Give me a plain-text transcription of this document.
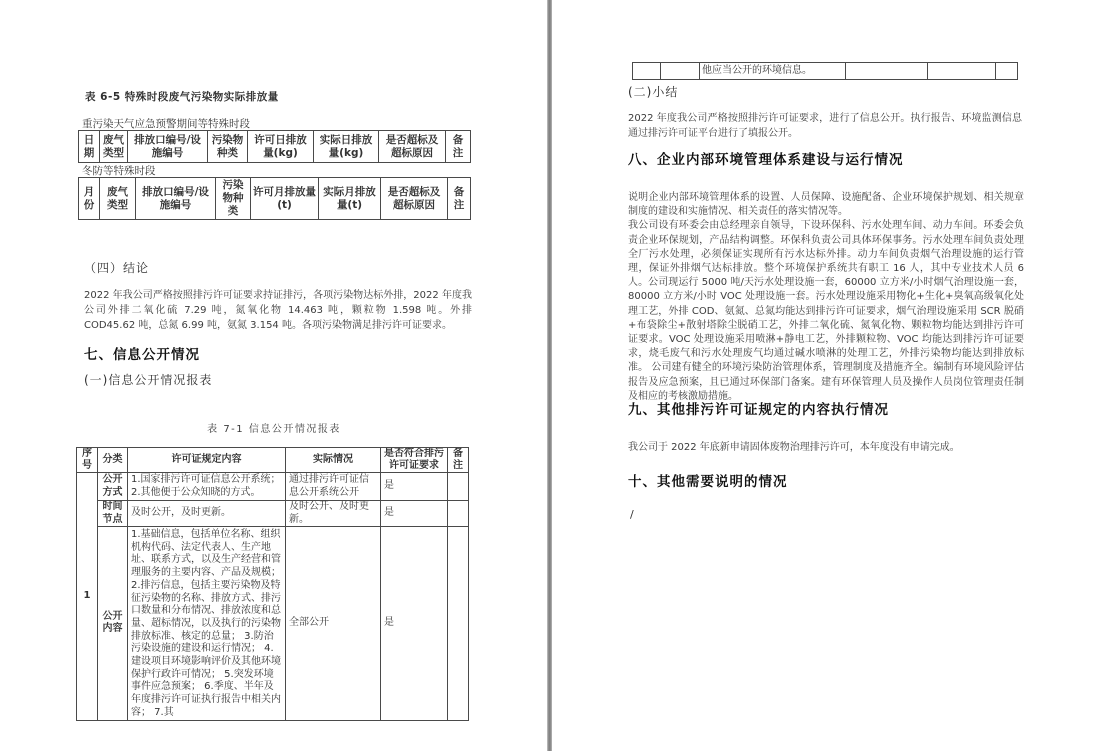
表 6-5 特殊时段废气污染物实际排放量
重污染天气应急预警期间等特殊时段
日期	废气类型	排放口编号/设施编号	污染物种类	许可日排放量(kg)	实际日排放量(kg)	是否超标及超标原因	备注
冬防等特殊时段
月份	废气类型	排放口编号/设施编号	污染物种类	许可月排放量(t)	实际月排放量(t)	是否超标及超标原因	备注
（四）结论
2022 年我公司严格按照排污许可证要求持证排污，各项污染物达标外排，2022 年度我公司外排二氧化硫 7.29 吨，氮氧化物 14.463 吨，颗粒物 1.598 吨。外排 COD45.62 吨，总氮 6.99 吨，氨氮 3.154 吨。各项污染物满足排污许可证要求。
七、信息公开情况
(一)信息公开情况报表
表 7-1 信息公开情况报表
序号	分类	许可证规定内容	实际情况	是否符合排污许可证要求	备注
1	公开方式	1.国家排污许可证信息公开系统；2.其他便于公众知晓的方式。	通过排污许可证信息公开系统公开	是	
	时间节点	及时公开，及时更新。	及时公开、及时更新。	是	
	公开内容	1.基础信息，包括单位名称、组织机构代码、法定代表人、生产地址、联系方式，以及生产经营和管理服务的主要内容、产品及规模；2.排污信息，包括主要污染物及特征污染物的名称、排放方式、排污口数量和分布情况、排放浓度和总量、超标情况，以及执行的污染物排放标准、核定的总量； 3.防治污染设施的建设和运行情况； 4.建设项目环境影响评价及其他环境保护行政许可情况； 5.突发环境事件应急预案； 6.季度、半年及年度排污许可证执行报告中相关内容； 7.其	全部公开	是	
		他应当公开的环境信息。			
(二)小结
2022 年度我公司严格按照排污许可证要求，进行了信息公开。执行报告、环境监测信息通过排污许可证平台进行了填报公开。
八、企业内部环境管理体系建设与运行情况

说明企业内部环境管理体系的设置、人员保障、设施配备、企业环境保护规划、相关规章制度的建设和实施情况、相关责任的落实情况等。

我公司设有环委会由总经理亲自领导，下设环保科、污水处理车间、动力车间。环委会负责企业环保规划，产品结构调整。环保科负责公司具体环保事务。污水处理车间负责处理全厂污水处理，必须保证实现所有污水达标外排。动力车间负责烟气治理设施的运行管理，保证外排烟气达标排放。整个环境保护系统共有职工 16 人，其中专业技术人员 6 人。公司现运行 5000 吨/天污水处理设施一套，60000 立方米/小时烟气治理设施一套，80000 立方米/小时 VOC 处理设施一套。污水处理设施采用物化+生化+臭氧高级氧化处理工艺，外排 COD、氨氮、总氮均能达到排污许可证要求，烟气治理设施采用 SCR 脱硝+布袋除尘+散射塔除尘脱硝工艺，外排二氧化硫、氮氧化物、颗粒物均能达到排污许可证要求。VOC 处理设施采用喷淋+静电工艺，外排颗粒物、VOC 均能达到排污许可证要求，烧毛废气和污水处理废气均通过碱水喷淋的处理工艺，外排污染物均能达到排放标准。 公司建有健全的环境污染防治管理体系，管理制度及措施齐全。编制有环境风险评估报告及应急预案，且已通过环保部门备案。建有环保管理人员及操作人员岗位管理责任制及相应的考核激励措施。

九、其他排污许可证规定的内容执行情况
我公司于 2022 年底新申请固体废物治理排污许可，本年度没有申请完成。
十、其他需要说明的情况
/
